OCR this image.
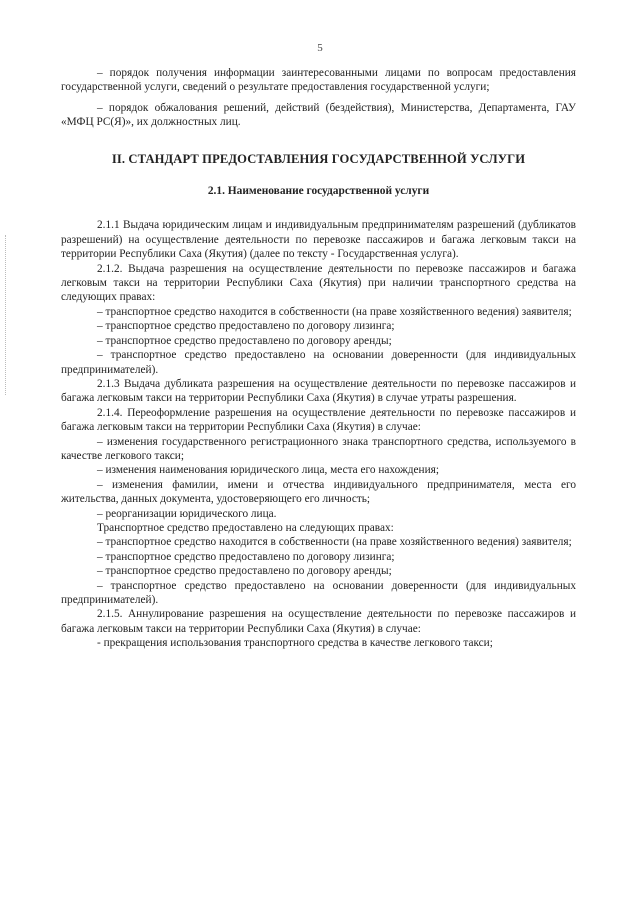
5

– порядок получения информации заинтересованными лицами по вопросам предоставления государственной услуги, сведений о результате предоставления государственной услуги;

– порядок обжалования решений, действий (бездействия), Министерства, Департамента, ГАУ «МФЦ РС(Я)», их должностных лиц.

II. СТАНДАРТ ПРЕДОСТАВЛЕНИЯ ГОСУДАРСТВЕННОЙ УСЛУГИ
2.1. Наименование государственной услуги

2.1.1 Выдача юридическим лицам и индивидуальным предпринимателям разрешений (дубликатов разрешений) на осуществление деятельности по перевозке пассажиров и багажа легковым такси на территории Республики Саха (Якутия) (далее по тексту - Государственная услуга).

2.1.2. Выдача разрешения на осуществление деятельности по перевозке пассажиров и багажа легковым такси на территории Республики Саха (Якутия) при наличии транспортного средства на следующих правах:

– транспортное средство находится в собственности (на праве хозяйственного ведения) заявителя;

– транспортное средство предоставлено по договору лизинга;

– транспортное средство предоставлено по договору аренды;

– транспортное средство предоставлено на основании доверенности (для индивидуальных предпринимателей).

2.1.3 Выдача дубликата разрешения на осуществление деятельности по перевозке пассажиров и багажа легковым такси на территории Республики Саха (Якутия) в случае утраты разрешения.

2.1.4. Переоформление разрешения на осуществление деятельности по перевозке пассажиров и багажа легковым такси на территории Республики Саха (Якутия) в случае:

– изменения государственного регистрационного знака транспортного средства, используемого в качестве легкового такси;

– изменения наименования юридического лица, места его нахождения;

– изменения фамилии, имени и отчества индивидуального предпринимателя, места его жительства, данных документа, удостоверяющего его личность;

– реорганизации юридического лица.

Транспортное средство предоставлено на следующих правах:

– транспортное средство находится в собственности (на праве хозяйственного ведения) заявителя;

– транспортное средство предоставлено по договору лизинга;

– транспортное средство предоставлено по договору аренды;

– транспортное средство предоставлено на основании доверенности (для индивидуальных предпринимателей).

2.1.5. Аннулирование разрешения на осуществление деятельности по перевозке пассажиров и багажа легковым такси на территории Республики Саха (Якутия) в случае:

- прекращения использования транспортного средства в качестве легкового такси;
